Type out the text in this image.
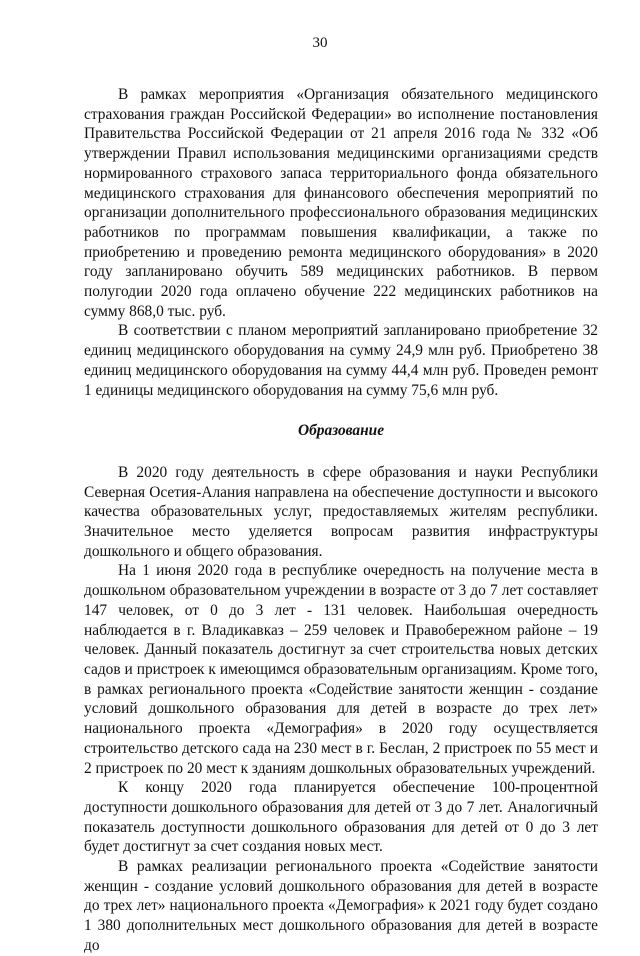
30

В рамках мероприятия «Организация обязательного медицинского страхования граждан Российской Федерации» во исполнение постановления Правительства Российской Федерации от 21 апреля 2016 года № 332 «Об утверждении Правил использования медицинскими организациями средств нормированного страхового запаса территориального фонда обязательного медицинского страхования для финансового обеспечения мероприятий по организации дополнительного профессионального образования медицинских работников по программам повышения квалификации, а также по приобретению и проведению ремонта медицинского оборудования» в 2020 году запланировано обучить 589 медицинских работников. В первом полугодии 2020 года оплачено обучение 222 медицинских работников на сумму 868,0 тыс. руб.

В соответствии с планом мероприятий запланировано приобретение 32 единиц медицинского оборудования на сумму 24,9 млн руб. Приобретено 38 единиц медицинского оборудования на сумму 44,4 млн руб. Проведен ремонт 1 единицы медицинского оборудования на сумму 75,6 млн руб.

Образование

В 2020 году деятельность в сфере образования и науки Республики Северная Осетия-Алания направлена на обеспечение доступности и высокого качества образовательных услуг, предоставляемых жителям республики. Значительное место уделяется вопросам развития инфраструктуры дошкольного и общего образования.

На 1 июня 2020 года в республике очередность на получение места в дошкольном образовательном учреждении в возрасте от 3 до 7 лет составляет 147 человек, от 0 до 3 лет - 131 человек. Наибольшая очередность наблюдается в г. Владикавказ – 259 человек и Правобережном районе – 19 человек. Данный показатель достигнут за счет строительства новых детских садов и пристроек к имеющимся образовательным организациям. Кроме того, в рамках регионального проекта «Содействие занятости женщин - создание условий дошкольного образования для детей в возрасте до трех лет» национального проекта «Демография» в 2020 году осуществляется строительство детского сада на 230 мест в г. Беслан, 2 пристроек по 55 мест и 2 пристроек по 20 мест к зданиям дошкольных образовательных учреждений.

К концу 2020 года планируется обеспечение 100-процентной доступности дошкольного образования для детей от 3 до 7 лет. Аналогичный показатель доступности дошкольного образования для детей от 0 до 3 лет будет достигнут за счет создания новых мест.

В рамках реализации регионального проекта «Содействие занятости женщин - создание условий дошкольного образования для детей в возрасте до трех лет» национального проекта «Демография» к 2021 году будет создано 1 380 дополнительных мест дошкольного образования для детей в возрасте до
